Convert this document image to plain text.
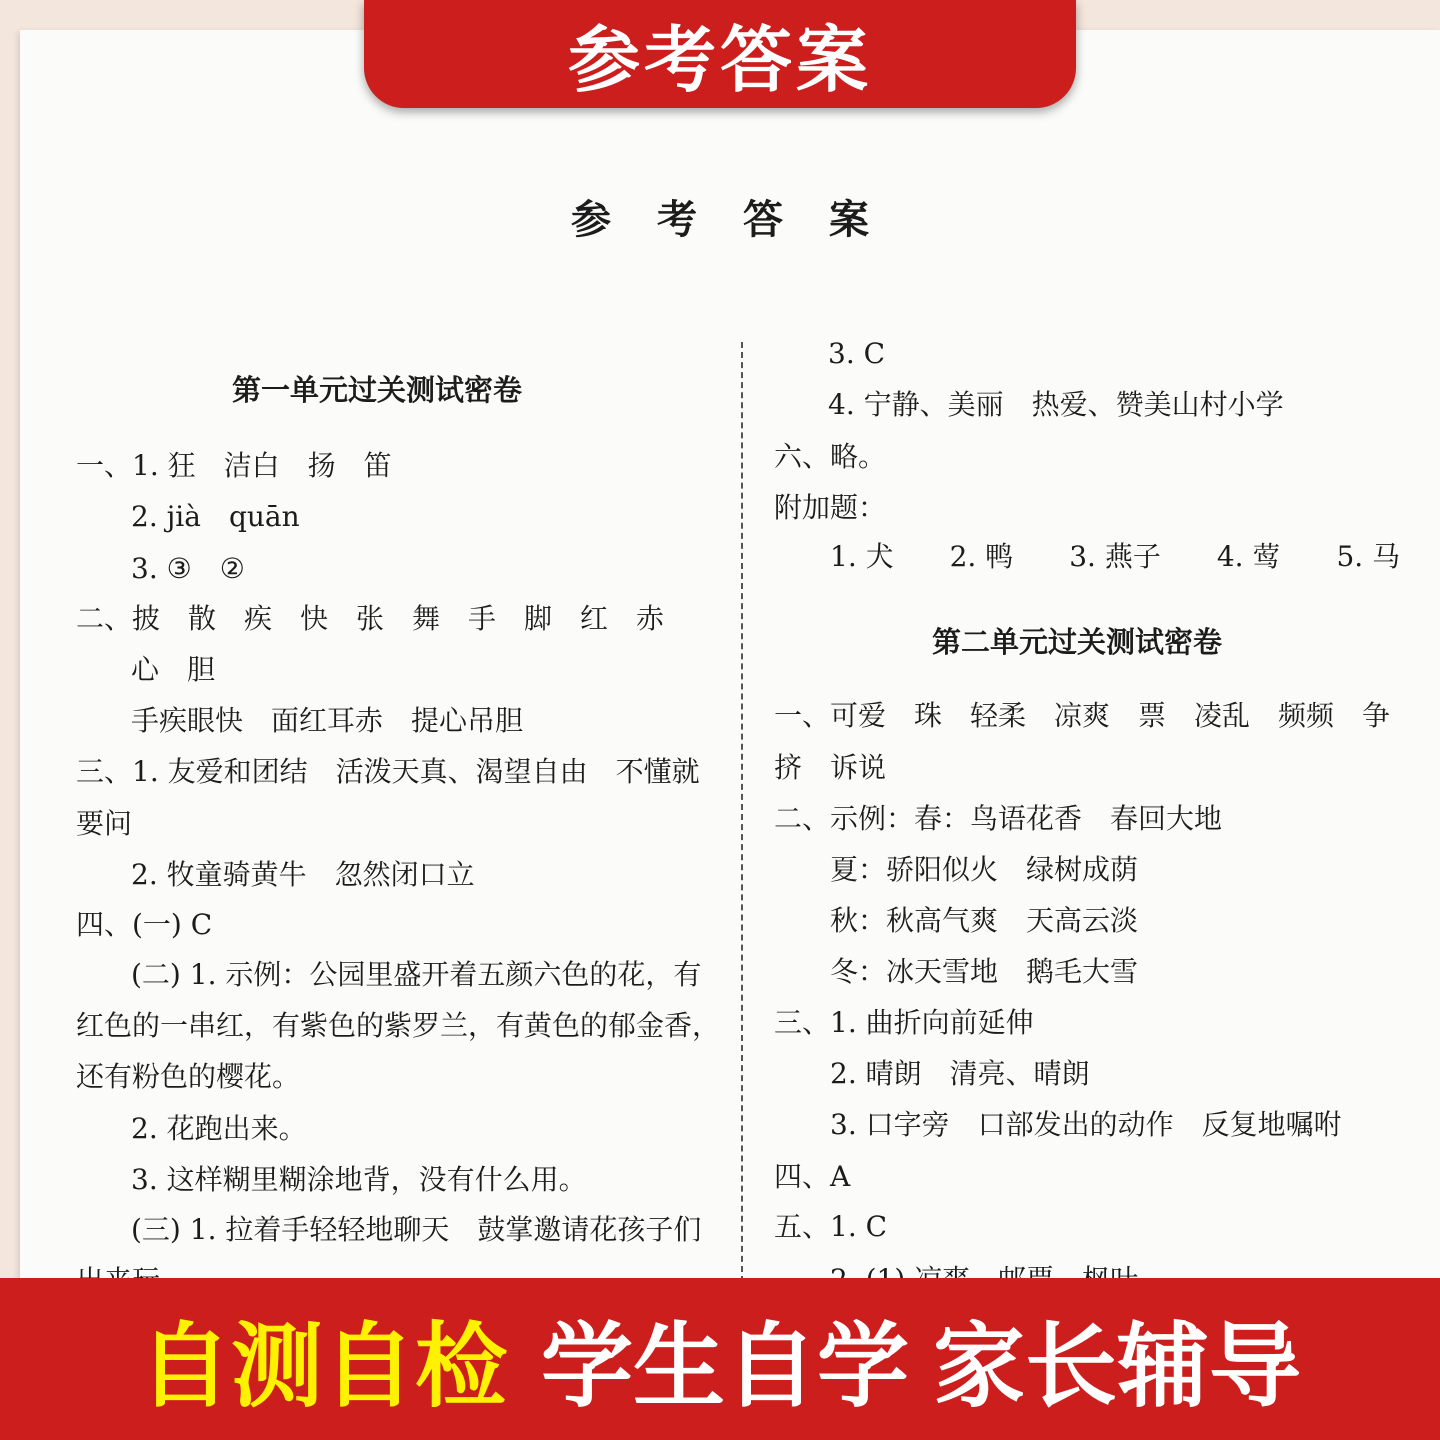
参考答案
参考答案
第一单元过关测试密卷
一、1. 狂　洁白　扬　笛
2. jià　quān
3. ③　②
二、披　散　疾　快　张　舞　手　脚　红　赤
心　胆
手疾眼快　面红耳赤　提心吊胆
三、1. 友爱和团结　活泼天真、渴望自由　不懂就
要问
2. 牧童骑黄牛　忽然闭口立
四、(一) C
(二) 1. 示例：公园里盛开着五颜六色的花，有
红色的一串红，有紫色的紫罗兰，有黄色的郁金香，
还有粉色的樱花。
2. 花跑出来。
3. 这样糊里糊涂地背，没有什么用。
(三) 1. 拉着手轻轻地聊天　鼓掌邀请花孩子们
3. C
4. 宁静、美丽　热爱、赞美山村小学
六、略。
附加题：
1. 犬　　2. 鸭　　3. 燕子　　4. 莺　　5. 马
第二单元过关测试密卷
一、可爱　珠　轻柔　凉爽　票　凌乱　频频　争
挤　诉说
二、示例：春：鸟语花香　春回大地
夏：骄阳似火　绿树成荫
秋：秋高气爽　天高云淡
冬：冰天雪地　鹅毛大雪
三、1. 曲折向前延伸
2. 晴朗　清亮、晴朗
3. 口字旁　口部发出的动作　反复地嘱咐
四、A
五、1. C
自测自检 学生自学 家长辅导
